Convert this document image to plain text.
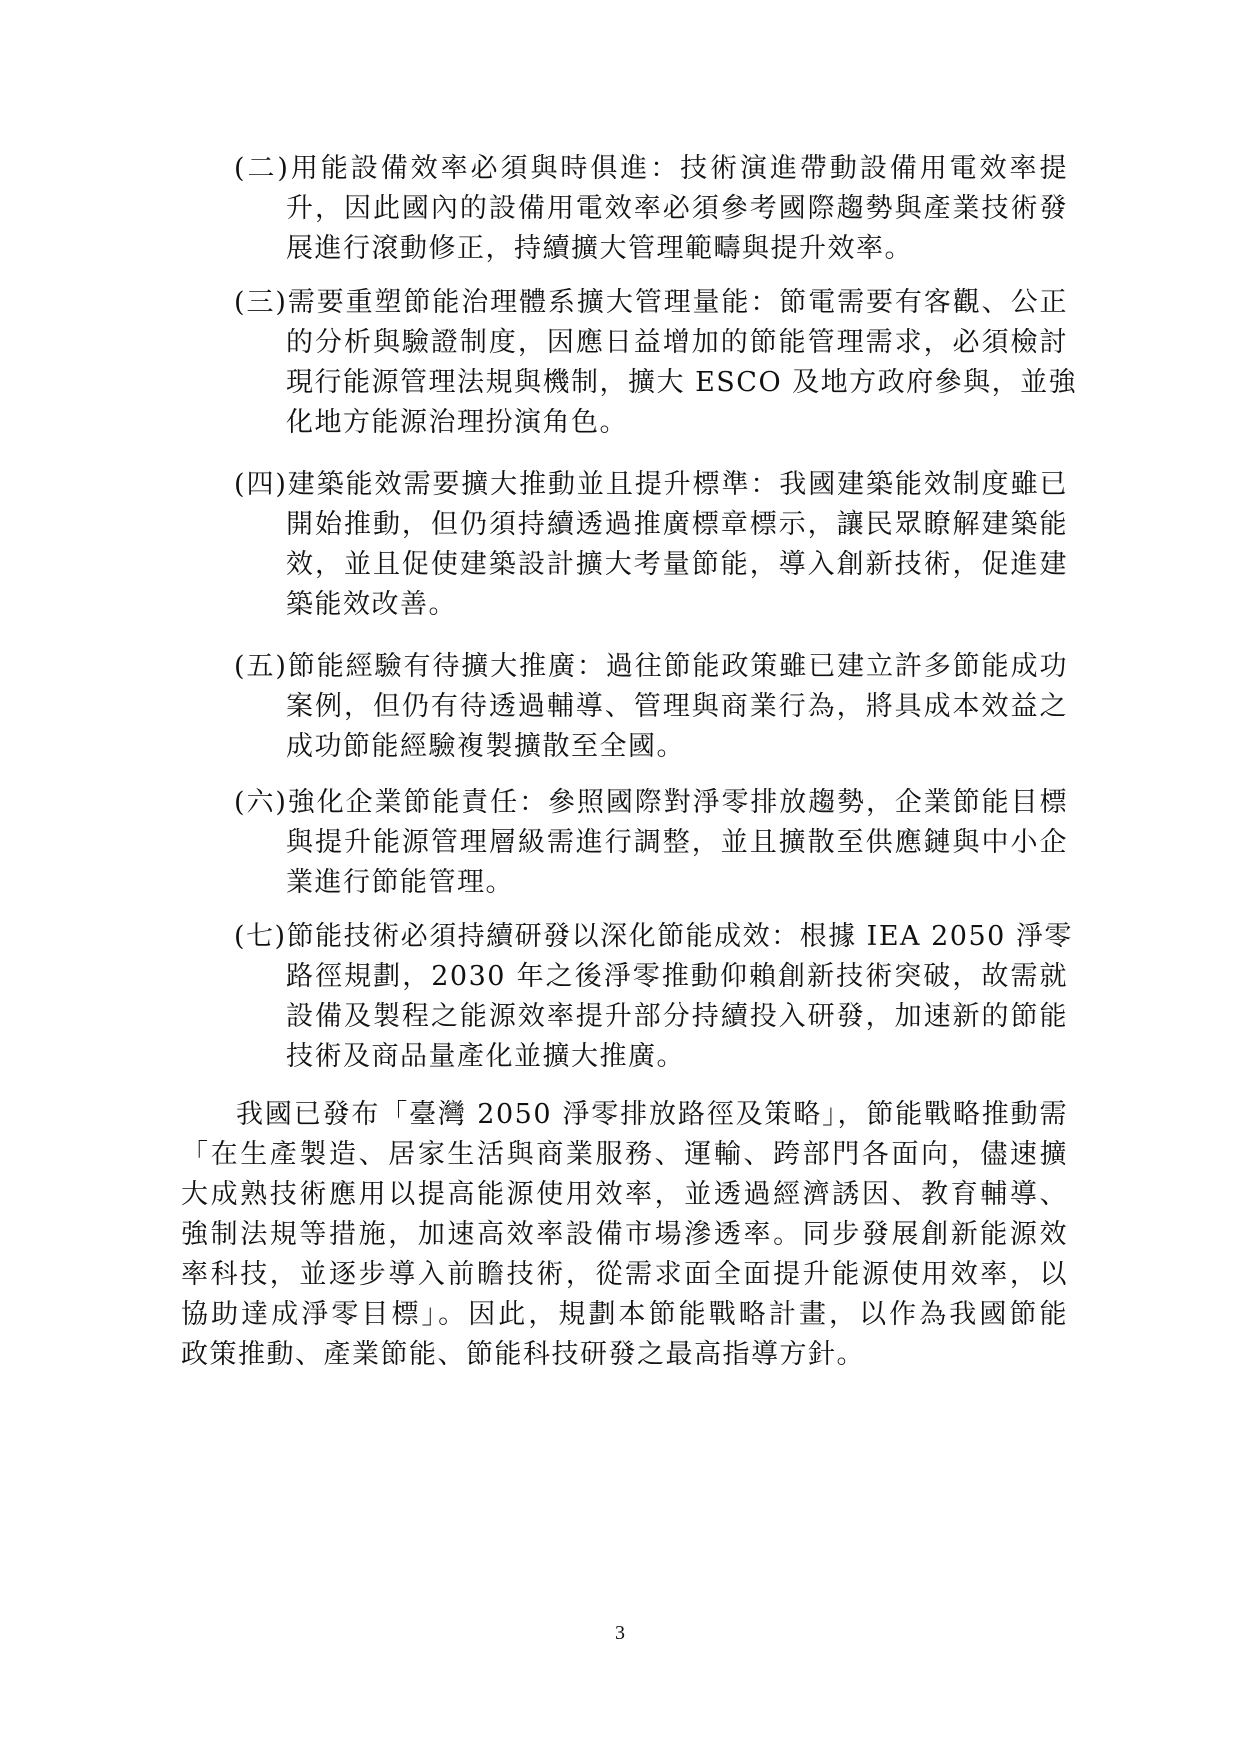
(二)用能設備效率必須與時俱進：技術演進帶動設備用電效率提
升，因此國內的設備用電效率必須參考國際趨勢與產業技術發
展進行滾動修正，持續擴大管理範疇與提升效率。
(三)需要重塑節能治理體系擴大管理量能：節電需要有客觀、公正
的分析與驗證制度，因應日益增加的節能管理需求，必須檢討
現行能源管理法規與機制，擴大 ESCO 及地方政府參與，並強
化地方能源治理扮演角色。
(四)建築能效需要擴大推動並且提升標準：我國建築能效制度雖已
開始推動，但仍須持續透過推廣標章標示，讓民眾瞭解建築能
效，並且促使建築設計擴大考量節能，導入創新技術，促進建
築能效改善。
(五)節能經驗有待擴大推廣：過往節能政策雖已建立許多節能成功
案例，但仍有待透過輔導、管理與商業行為，將具成本效益之
成功節能經驗複製擴散至全國。
(六)強化企業節能責任：參照國際對淨零排放趨勢，企業節能目標
與提升能源管理層級需進行調整，並且擴散至供應鏈與中小企
業進行節能管理。
(七)節能技術必須持續研發以深化節能成效：根據 IEA 2050 淨零
路徑規劃，2030 年之後淨零推動仰賴創新技術突破，故需就
設備及製程之能源效率提升部分持續投入研發，加速新的節能
技術及商品量產化並擴大推廣。
我國已發布「臺灣 2050 淨零排放路徑及策略」，節能戰略推動需
「在生產製造、居家生活與商業服務、運輸、跨部門各面向，儘速擴
大成熟技術應用以提高能源使用效率，並透過經濟誘因、教育輔導、
強制法規等措施，加速高效率設備市場滲透率。同步發展創新能源效
率科技，並逐步導入前瞻技術，從需求面全面提升能源使用效率，以
協助達成淨零目標」。因此，規劃本節能戰略計畫，以作為我國節能
政策推動、產業節能、節能科技研發之最高指導方針。
3
